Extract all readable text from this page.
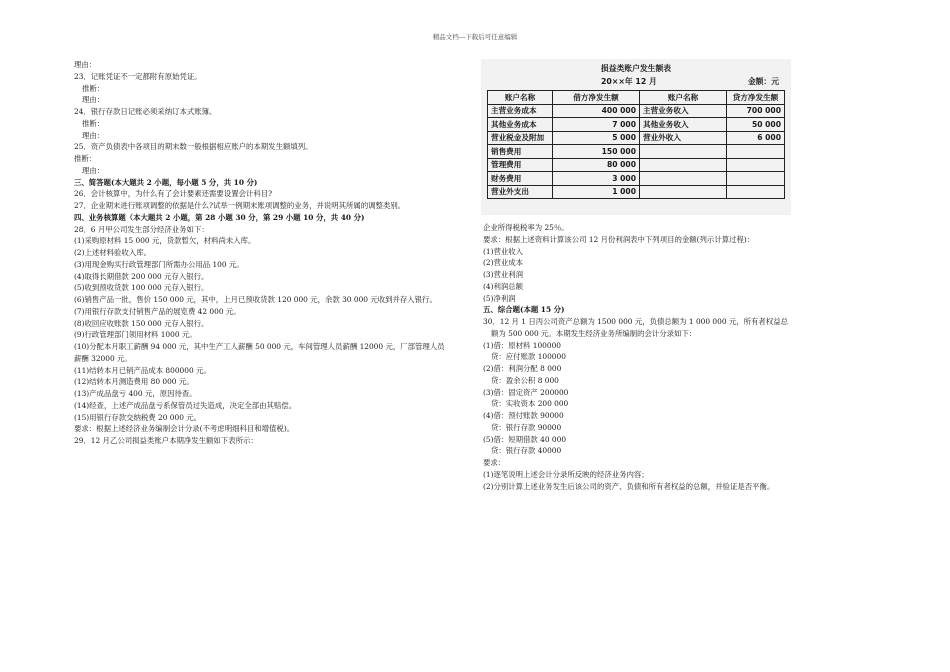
精品文档---下载后可任意编辑
理由：
23．记账凭证不一定都附有原始凭证。
推断：
理由：
24．银行存款日记账必须采纳订本式账簿。
推断：
理由：
25．资产负债表中各项目的期末数一般根据相应账户的本期发生额填列。
推断：
理由：
三、简答题(本大题共 2 小题，每小题 5 分，共 10 分)
26．会计核算中，为什么有了会计要素还需要设置会计科目?
27．企业期末进行账项调整的依据是什么?试举一例期末账项调整的业务，并说明其所属的调整类别。
四、业务核算题（本大题共 2 小题，第 28 小题 30 分，第 29 小题 10 分，共 40 分)
28．6 月甲公司发生部分经济业务如下：
(1)采购原材料 15 000 元，货款暂欠，材料尚未入库。
(2)上述材料验收入库。
(3)用现金购买行政管理部门所需办公用品 100 元。
(4)取得长期借款 200 000 元存入银行。
(5)收到预收货款 100 000 元存入银行。
(6)销售产品一批，售价 150 000 元，其中，上月已预收货款 120 000 元，余款 30 000 元收到并存入银行。
(7)用银行存款支付销售产品的展览费 42 000 元。
(8)收回应收账款 150 000 元存入银行。
(9)行政管理部门领用材料 1000 元。
(10)分配本月职工薪酬 94 000 元，其中生产工人薪酬 50 000 元，车间管理人员薪酬 12000 元，厂部管理人员
薪酬 32000 元。
(11)结转本月已销产品成本 800000 元。
(12)结转本月测造费用 80 000 元。
(13)产成品盘亏 400 元，原因待查。
(14)经查，上述产成品盘亏系保管员过失造成，决定全部由其赔偿。
(15)用银行存款交纳税费 20 000 元。
要求：根据上述经济业务编制会计分录(不考虑明细科目和增值税)。
29．12 月乙公司损益类账户本期净发生额如下表所示：
损益类账户发生额表
20××年 12 月	金额：元
账户名称	借方净发生额	账户名称	贷方净发生额
主营业务成本	400 000	主营业务收入	700 000
其他业务成本	7 000	其他业务收入	50 000
营业税金及附加	5 000	营业外收入	6 000
销售费用	150 000		
管理费用	80 000		
财务费用	3 000		
营业外支出	1 000		
企业所得税税率为 25％。
要求：根据上述资料计算该公司 12 月份利润表中下列项目的金额(列示计算过程)：
(1)营业收入
(2)营业成本
(3)营业利润
(4)利润总额
(5)净利润
五、综合题(本题 15 分)
30．12 月 1 日丙公司资产总额为 1500 000 元，负债总额为 1 000 000 元，所有者权益总
额为 500 000 元。本期发生经济业务所编制的会计分录如下：
(1)借：原材料 100000
贷：应付账款 100000
(2)借：利润分配 8 000
贷：盈余公积 8 000
(3)借：固定资产 200000
贷：实收资本 200 000
(4)借：预付账款 90000
贷：银行存款 90000
(5)借：短期借款 40 000
贷：银行存款 40000
要求：
(1)逐笔说明上述会计分录所反映的经济业务内容；
(2)分别计算上述业务发生后该公司的资产、负债和所有者权益的总额，并验证是否平衡。
